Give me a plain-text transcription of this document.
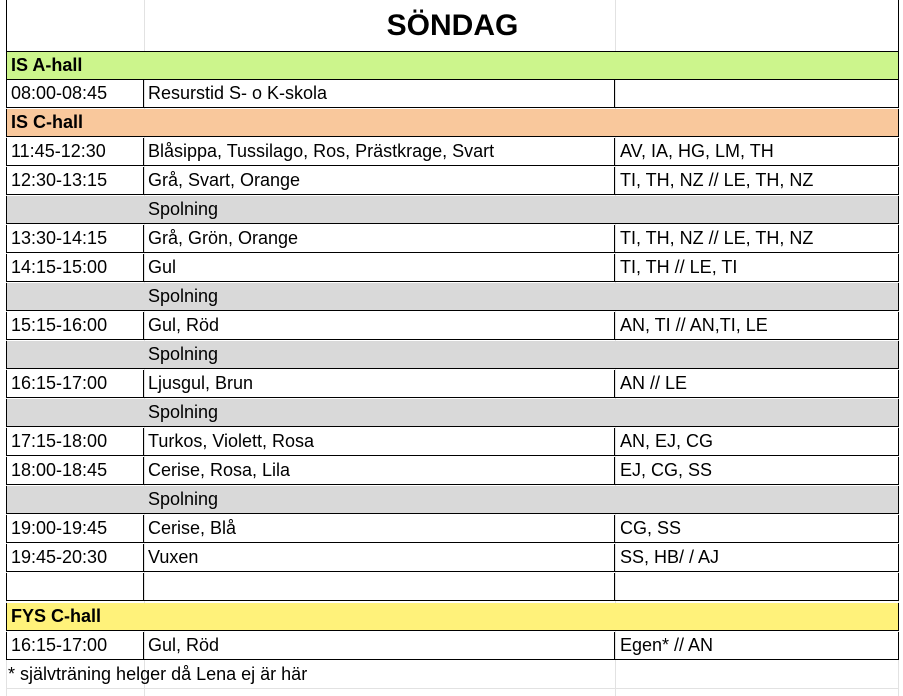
SÖNDAG
IS A-hall
08:00-08:45	Resurstid S- o K-skola
IS C-hall
11:45-12:30	Blåsippa, Tussilago, Ros, Prästkrage, Svart	AV, IA, HG, LM, TH
12:30-13:15	Grå, Svart, Orange	TI, TH, NZ // LE, TH, NZ
Spolning
13:30-14:15	Grå, Grön, Orange	TI, TH, NZ // LE, TH, NZ
14:15-15:00	Gul	TI, TH // LE, TI
Spolning
15:15-16:00	Gul, Röd	AN, TI // AN,TI, LE
Spolning
16:15-17:00	Ljusgul, Brun	AN // LE
Spolning
17:15-18:00	Turkos, Violett, Rosa	AN, EJ, CG
18:00-18:45	Cerise, Rosa, Lila	EJ, CG, SS
Spolning
19:00-19:45	Cerise, Blå	CG, SS
19:45-20:30	Vuxen	SS, HB/ / AJ
FYS C-hall
16:15-17:00	Gul, Röd	Egen* // AN
* självträning helger då Lena ej är här
